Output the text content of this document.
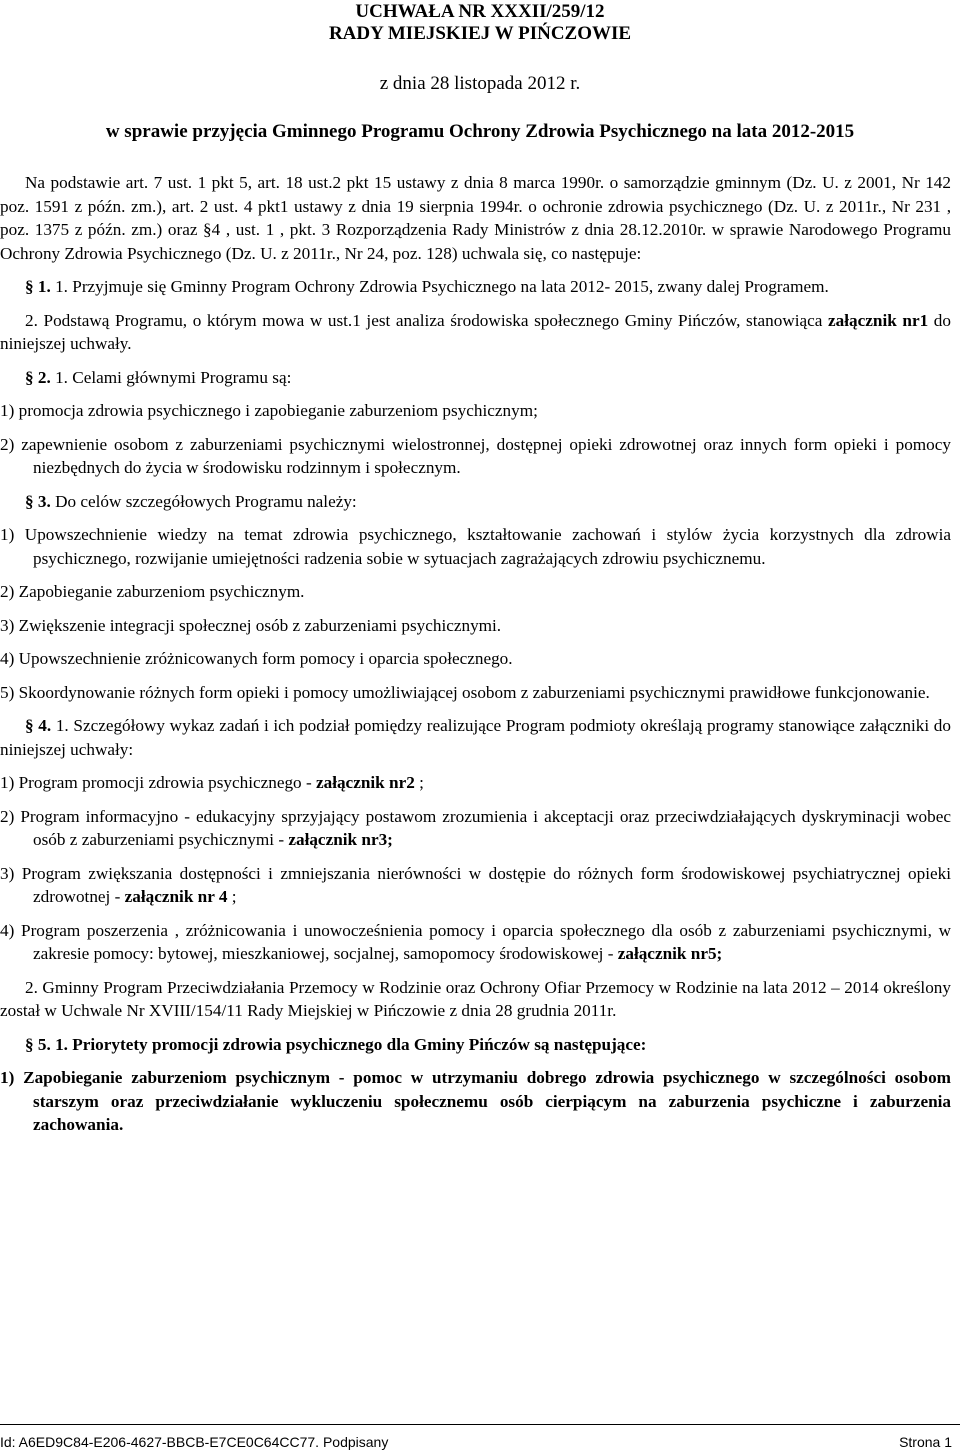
UCHWAŁA NR XXXII/259/12
RADY MIEJSKIEJ W PIŃCZOWIE
z dnia 28 listopada 2012 r.
w sprawie przyjęcia Gminnego Programu Ochrony Zdrowia Psychicznego na lata 2012-2015

Na podstawie art. 7 ust. 1 pkt 5, art. 18 ust.2 pkt 15 ustawy z dnia 8 marca 1990r. o samorządzie gminnym (Dz. U. z 2001, Nr 142 poz. 1591 z późn. zm.), art. 2 ust. 4 pkt1 ustawy z dnia 19 sierpnia 1994r. o ochronie zdrowia psychicznego (Dz. U. z 2011r., Nr 231 , poz. 1375 z późn. zm.) oraz §4 , ust. 1 , pkt. 3 Rozporządzenia Rady Ministrów z dnia 28.12.2010r. w sprawie Narodowego Programu Ochrony Zdrowia Psychicznego (Dz. U. z 2011r., Nr 24, poz. 128) uchwala się, co następuje:

§ 1. 1. Przyjmuje się Gminny Program Ochrony Zdrowia Psychicznego na lata 2012- 2015, zwany dalej Programem.

2. Podstawą Programu, o którym mowa w ust.1 jest analiza środowiska społecznego Gminy Pińczów, stanowiąca załącznik nr1 do niniejszej uchwały.

§ 2. 1. Celami głównymi Programu są:

1) promocja zdrowia psychicznego i zapobieganie zaburzeniom psychicznym;

2) zapewnienie osobom z zaburzeniami psychicznymi wielostronnej, dostępnej opieki zdrowotnej oraz innych form opieki i pomocy niezbędnych do życia w środowisku rodzinnym i społecznym.

§ 3. Do celów szczegółowych Programu należy:

1) Upowszechnienie wiedzy na temat zdrowia psychicznego, kształtowanie zachowań i stylów życia korzystnych dla zdrowia psychicznego, rozwijanie umiejętności radzenia sobie w sytuacjach zagrażających zdrowiu psychicznemu.

2) Zapobieganie zaburzeniom psychicznym.

3) Zwiększenie integracji społecznej osób z zaburzeniami psychicznymi.

4) Upowszechnienie zróżnicowanych form pomocy i oparcia społecznego.

5) Skoordynowanie różnych form opieki i pomocy umożliwiającej osobom z zaburzeniami psychicznymi prawidłowe funkcjonowanie.

§ 4. 1. Szczegółowy wykaz zadań i ich podział pomiędzy realizujące Program podmioty określają programy stanowiące załączniki do niniejszej uchwały:

1) Program promocji zdrowia psychicznego - załącznik nr2 ;

2) Program informacyjno - edukacyjny sprzyjający postawom zrozumienia i akceptacji oraz przeciwdziałających dyskryminacji wobec osób z zaburzeniami psychicznymi - załącznik nr3;

3) Program zwiększania dostępności i zmniejszania nierówności w dostępie do różnych form środowiskowej psychiatrycznej opieki zdrowotnej - załącznik nr 4 ;

4) Program poszerzenia , zróżnicowania i unowocześnienia pomocy i oparcia społecznego dla osób z zaburzeniami psychicznymi, w zakresie pomocy: bytowej, mieszkaniowej, socjalnej, samopomocy środowiskowej - załącznik nr5;

2. Gminny Program Przeciwdziałania Przemocy w Rodzinie oraz Ochrony Ofiar Przemocy w Rodzinie na lata 2012 – 2014 określony został w Uchwale Nr XVIII/154/11 Rady Miejskiej w Pińczowie z dnia 28 grudnia 2011r.

§ 5. 1. Priorytety promocji zdrowia psychicznego dla Gminy Pińczów są następujące:

1) Zapobieganie zaburzeniom psychicznym - pomoc w utrzymaniu dobrego zdrowia psychicznego w szczególności osobom starszym oraz przeciwdziałanie wykluczeniu społecznemu osób cierpiącym na zaburzenia psychiczne i zaburzenia zachowania.

Id: A6ED9C84-E206-4627-BBCB-E7CE0C64CC77. Podpisany	Strona 1
